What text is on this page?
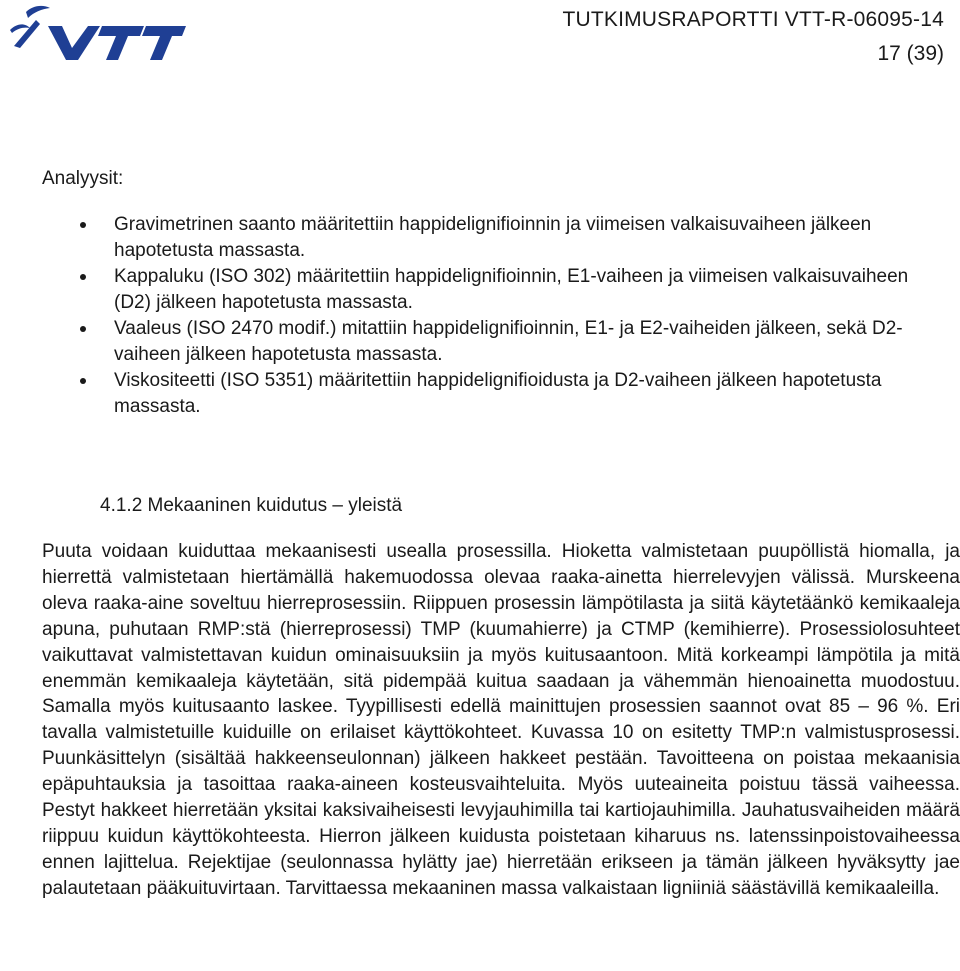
TUTKIMUSRAPORTTI VTT-R-06095-14
17 (39)
Analyysit:
Gravimetrinen saanto määritettiin happidelignifioinnin ja viimeisen valkaisuvaiheen jälkeen hapotetusta massasta.
Kappaluku (ISO 302) määritettiin happidelignifioinnin, E1-vaiheen ja viimeisen valkaisuvaiheen (D2) jälkeen hapotetusta massasta.
Vaaleus (ISO 2470 modif.) mitattiin happidelignifioinnin, E1- ja E2-vaiheiden jälkeen, sekä D2-vaiheen jälkeen hapotetusta massasta.
Viskositeetti (ISO 5351) määritettiin happidelignifioidusta ja D2-vaiheen jälkeen hapotetusta massasta.
4.1.2 Mekaaninen kuidutus – yleistä

Puuta voidaan kuiduttaa mekaanisesti usealla prosessilla. Hioketta valmistetaan puupöllistä hiomalla, ja hierrettä valmistetaan hiertämällä hakemuodossa olevaa raaka-ainetta hierrelevyjen välissä. Murskeena oleva raaka-aine soveltuu hierreprosessiin. Riippuen prosessin lämpötilasta ja siitä käytetäänkö kemikaaleja apuna, puhutaan RMP:stä (hierreprosessi) TMP (kuumahierre) ja CTMP (kemihierre). Prosessiolosuhteet vaikuttavat valmistettavan kuidun ominaisuuksiin ja myös kuitusaantoon. Mitä korkeampi lämpötila ja mitä enemmän kemikaaleja käytetään, sitä pidempää kuitua saadaan ja vähemmän hienoainetta muodostuu. Samalla myös kuitusaanto laskee. Tyypillisesti edellä mainittujen prosessien saannot ovat 85 – 96 %. Eri tavalla valmistetuille kuiduille on erilaiset käyttökohteet. Kuvassa 10 on esitetty TMP:n valmistusprosessi. Puunkäsittelyn (sisältää hakkeenseulonnan) jälkeen hakkeet pestään. Tavoitteena on poistaa mekaanisia epäpuhtauksia ja tasoittaa raaka-aineen kosteusvaihteluita. Myös uuteaineita poistuu tässä vaiheessa. Pestyt hakkeet hierretään yksitai kaksivaiheisesti levyjauhimilla tai kartiojauhimilla. Jauhatusvaiheiden määrä riippuu kuidun käyttökohteesta. Hierron jälkeen kuidusta poistetaan kiharuus ns. latenssinpoistovaiheessa ennen lajittelua. Rejektijae (seulonnassa hylätty jae) hierretään erikseen ja tämän jälkeen hyväksytty jae palautetaan pääkuituvirtaan. Tarvittaessa mekaaninen massa valkaistaan ligniiniä säästävillä kemikaaleilla.
